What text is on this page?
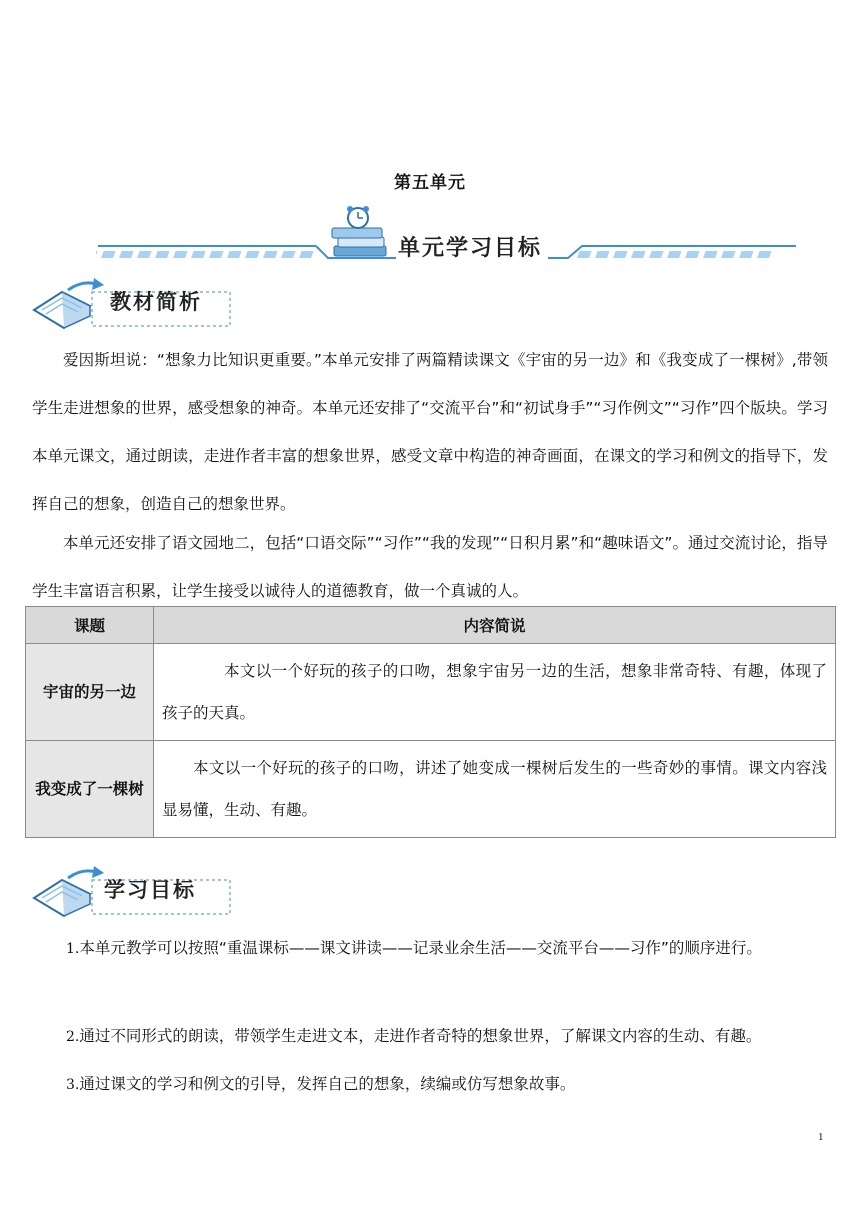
第五单元
单元学习目标
教材简析

爱因斯坦说：“想象力比知识更重要。”本单元安排了两篇精读课文《宇宙的另一边》和《我变成了一棵树》,带领学生走进想象的世界，感受想象的神奇。本单元还安排了“交流平台”和“初试身手”“习作例文”“习作”四个版块。学习本单元课文，通过朗读，走进作者丰富的想象世界，感受文章中构造的神奇画面，在课文的学习和例文的指导下，发挥自己的想象，创造自己的想象世界。

本单元还安排了语文园地二，包括“口语交际”“习作”“我的发现”“日积月累”和“趣味语文”。通过交流讨论，指导学生丰富语言积累，让学生接受以诚待人的道德教育，做一个真诚的人。

课题	内容简说
宇宙的另一边	本文以一个好玩的孩子的口吻，想象宇宙另一边的生活，想象非常奇特、有趣，体现了孩子的天真。
我变成了一棵树	本文以一个好玩的孩子的口吻，讲述了她变成一棵树后发生的一些奇妙的事情。课文内容浅显易懂，生动、有趣。
学习目标

1.本单元教学可以按照“重温课标——课文讲读——记录业余生活——交流平台——习作”的顺序进行。

2.通过不同形式的朗读，带领学生走进文本，走进作者奇特的想象世界，了解课文内容的生动、有趣。

3.通过课文的学习和例文的引导，发挥自己的想象，续编或仿写想象故事。

1
